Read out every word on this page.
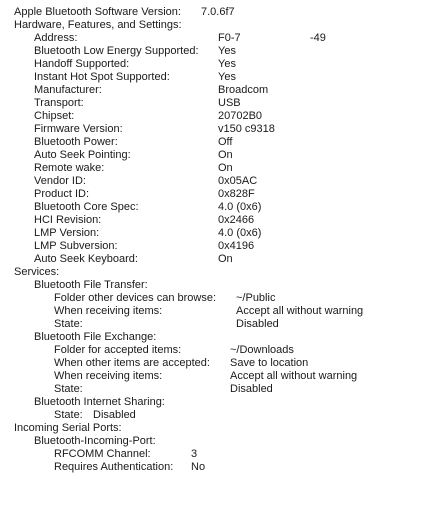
Apple Bluetooth Software Version: 7.0.6f7
Hardware, Features, and Settings:
Address:	F0-7	-49
Bluetooth Low Energy Supported: Yes
Handoff Supported:	Yes
Instant Hot Spot Supported:	Yes
Manufacturer:	Broadcom
Transport:	USB
Chipset:	20702B0
Firmware Version:	v150 c9318
Bluetooth Power:	Off
Auto Seek Pointing:	On
Remote wake:	On
Vendor ID:	0x05AC
Product ID:	0x828F
Bluetooth Core Spec:	4.0 (0x6)
HCI Revision:	0x2466
LMP Version:	4.0 (0x6)
LMP Subversion:	0x4196
Auto Seek Keyboard:	On
Services:
Bluetooth File Transfer:
Folder other devices can browse: ~/Public
When receiving items:	Accept all without warning
State:	Disabled
Bluetooth File Exchange:
Folder for accepted items:	~/Downloads
When other items are accepted: Save to location
When receiving items:	Accept all without warning
State:	Disabled
Bluetooth Internet Sharing:
State: Disabled
Incoming Serial Ports:
Bluetooth-Incoming-Port:
RFCOMM Channel:	3
Requires Authentication: No
